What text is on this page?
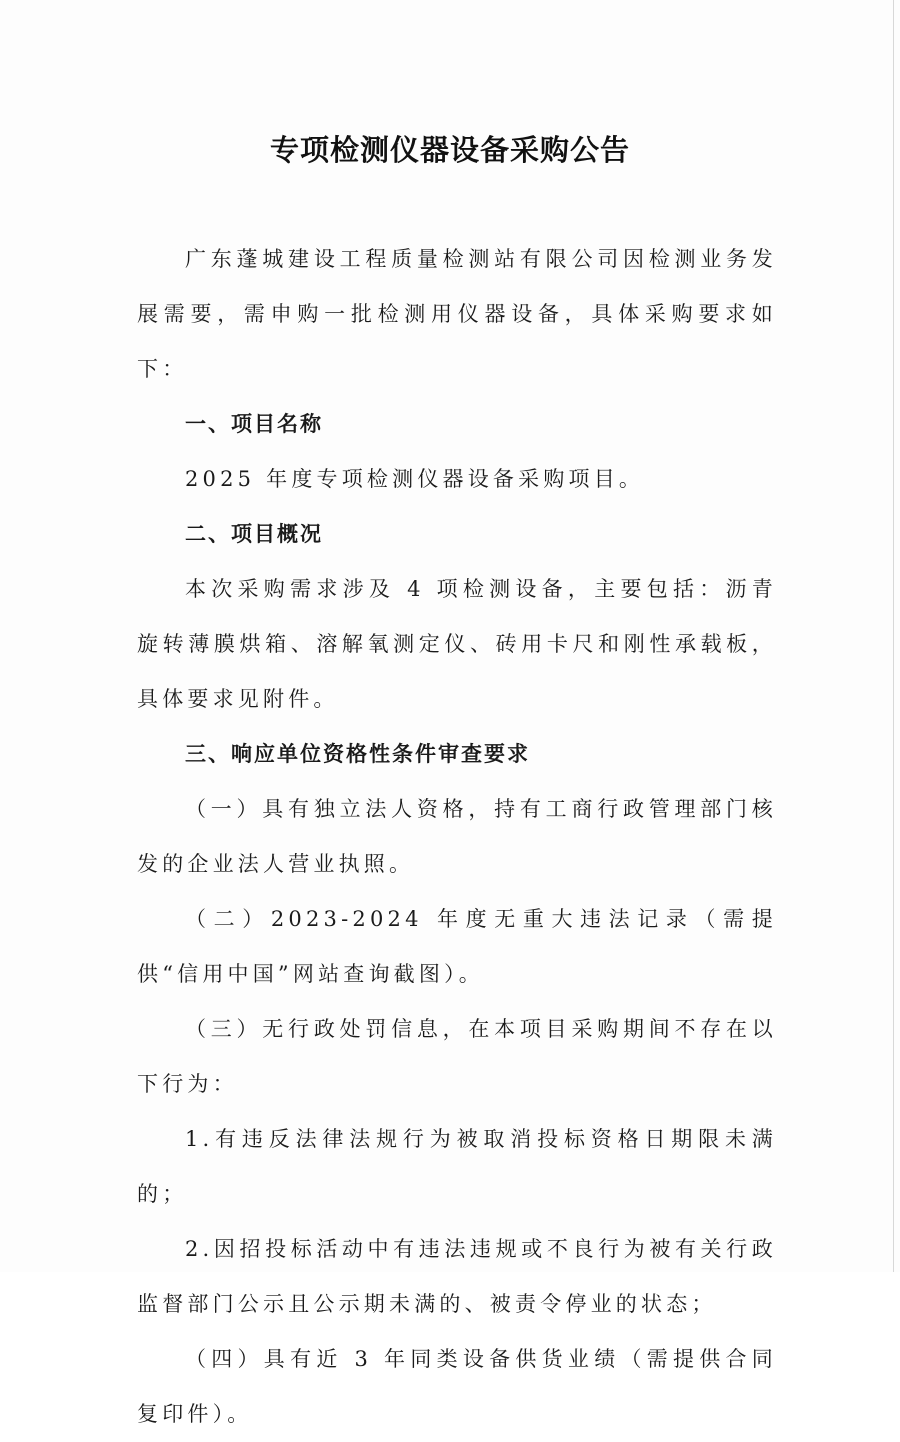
专项检测仪器设备采购公告

广东蓬城建设工程质量检测站有限公司因检测业务发展需要，需申购一批检测用仪器设备，具体采购要求如下：

一、项目名称

2025 年度专项检测仪器设备采购项目。

二、项目概况

本次采购需求涉及 4 项检测设备，主要包括：沥青旋转薄膜烘箱、溶解氧测定仪、砖用卡尺和刚性承载板，具体要求见附件。

三、响应单位资格性条件审查要求

（一）具有独立法人资格，持有工商行政管理部门核发的企业法人营业执照。

（二）2023-2024 年度无重大违法记录（需提供“信用中国”网站查询截图）。

（三）无行政处罚信息，在本项目采购期间不存在以下行为：

1.有违反法律法规行为被取消投标资格日期限未满的；

2.因招投标活动中有违法违规或不良行为被有关行政监督部门公示且公示期未满的、被责令停业的状态；

（四）具有近 3 年同类设备供货业绩（需提供合同复印件）。
